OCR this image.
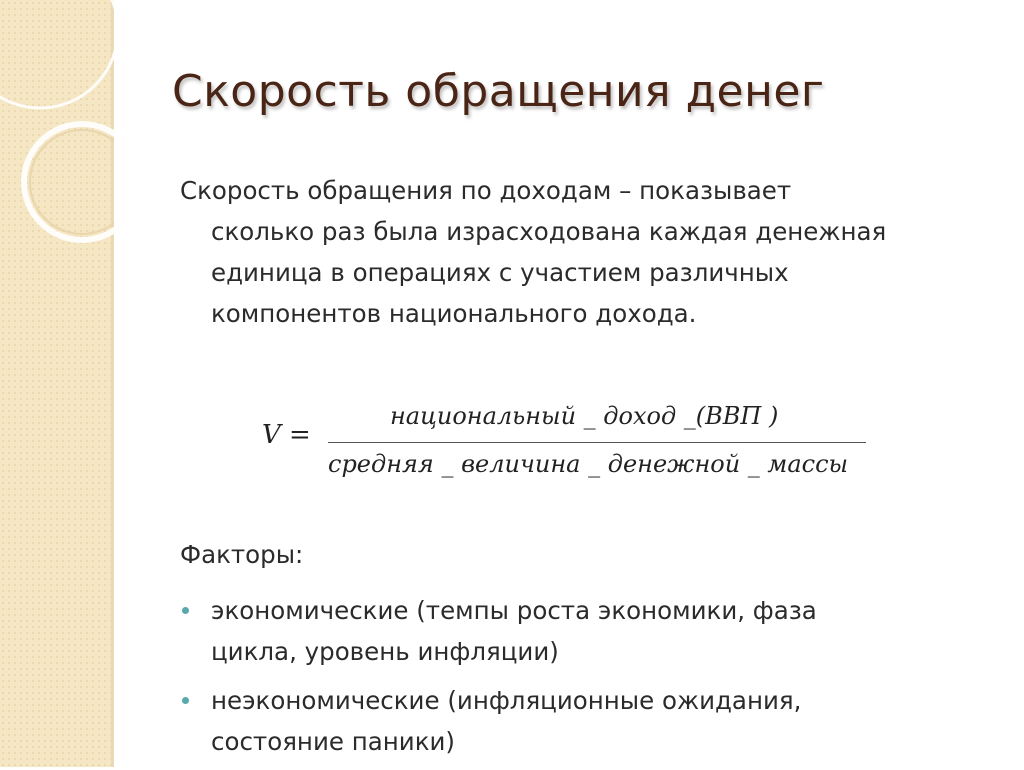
Скорость обращения денег
Скорость обращения по доходам – показывает
сколько раз была израсходована каждая денежная
единица в операциях с участием различных
компонентов национального дохода.
V =
национальный _ доход _(ВВП )
средняя _ величина _ денежной _ массы
Факторы:
экономические (темпы роста экономики, фаза
цикла, уровень инфляции)
неэкономические (инфляционные ожидания,
состояние паники)
